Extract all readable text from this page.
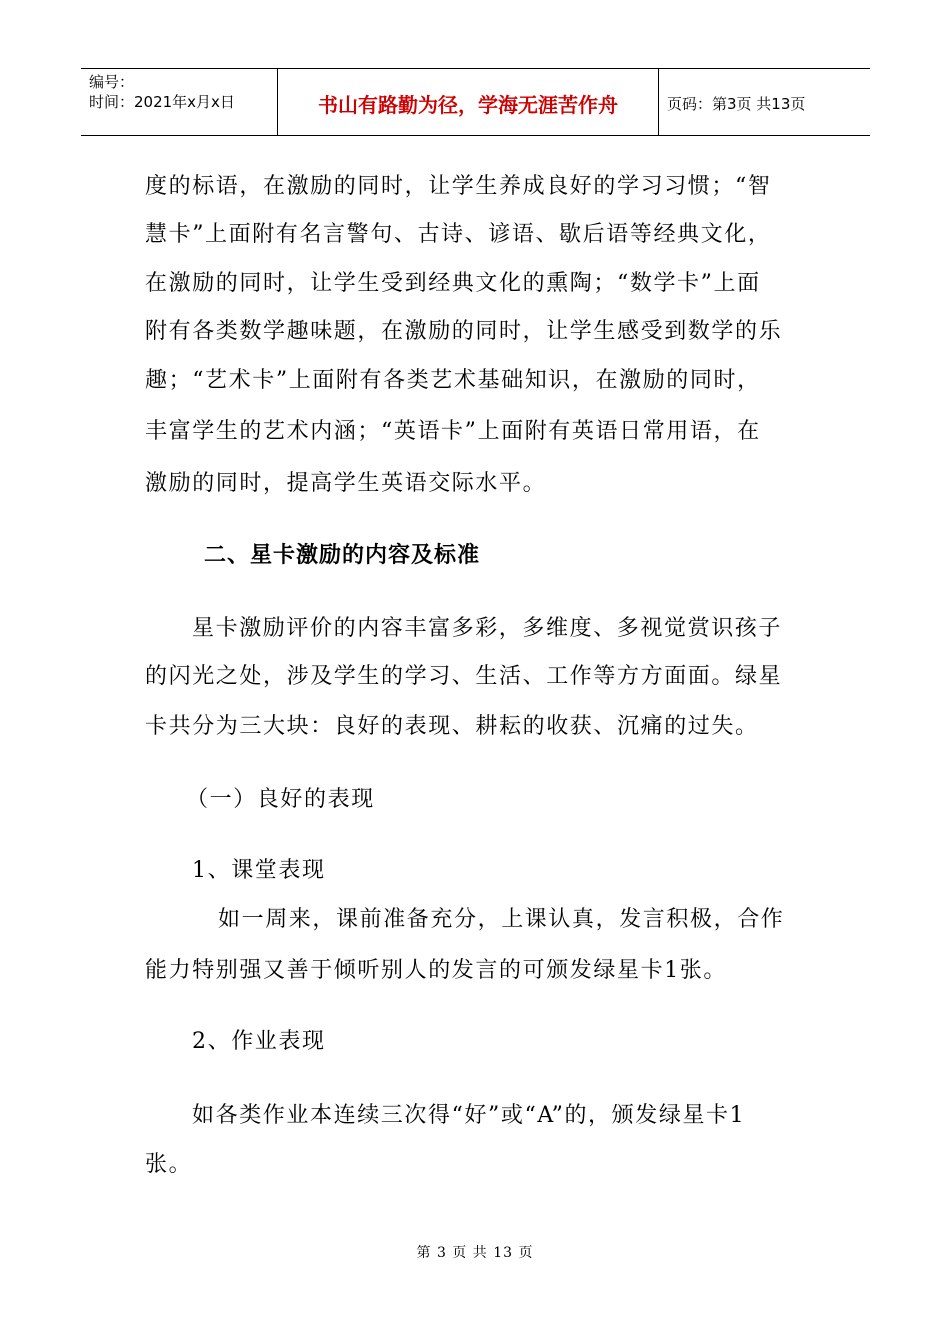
编号：
时间：2021年x月x日	书山有路勤为径，学海无涯苦作舟	页码：第3页 共13页

度的标语，在激励的同时，让学生养成良好的学习习惯；“智

慧卡”上面附有名言警句、古诗、谚语、歇后语等经典文化，

在激励的同时，让学生受到经典文化的熏陶；“数学卡”上面

附有各类数学趣味题，在激励的同时，让学生感受到数学的乐

趣；“艺术卡”上面附有各类艺术基础知识，在激励的同时，

丰富学生的艺术内涵；“英语卡”上面附有英语日常用语，在

激励的同时，提高学生英语交际水平。

二、星卡激励的内容及标准

星卡激励评价的内容丰富多彩，多维度、多视觉赏识孩子

的闪光之处，涉及学生的学习、生活、工作等方方面面。绿星

卡共分为三大块：良好的表现、耕耘的收获、沉痛的过失。

（一）良好的表现

1、课堂表现

如一周来，课前准备充分，上课认真，发言积极，合作

能力特别强又善于倾听别人的发言的可颁发绿星卡1张。

2、作业表现

如各类作业本连续三次得“好”或“A”的，颁发绿星卡1

张。

第 3 页 共 13 页
